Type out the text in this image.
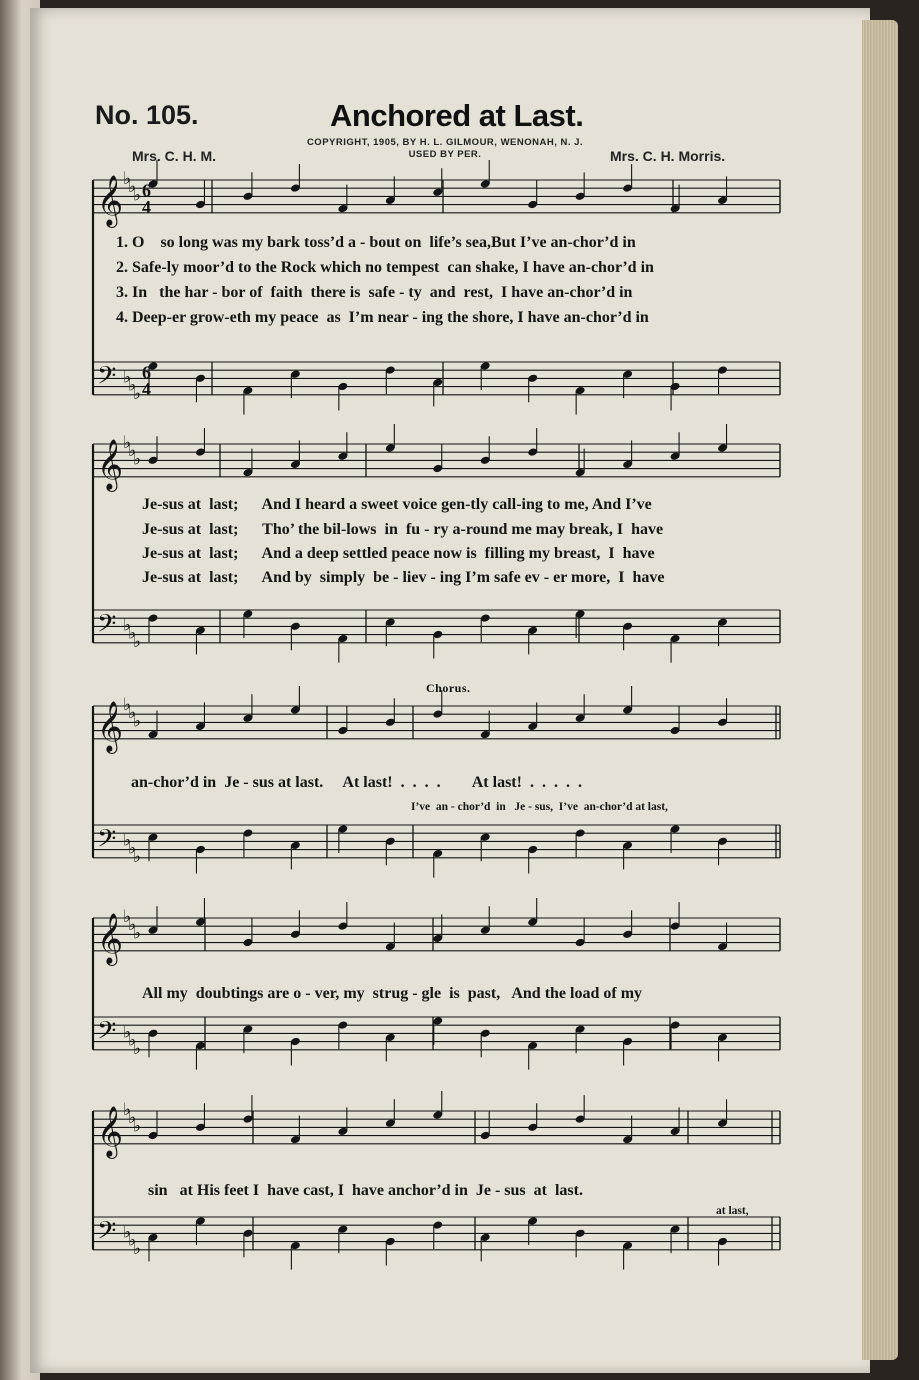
No. 105.	Anchored at Last.
COPYRIGHT, 1905, BY H. L. GILMOUR, WENONAH, N. J.
USED BY PER.
Mrs. C. H. M.	Mrs. C. H. Morris.
𝄞 ♭
♭
♭
𝄢 ♭
♭
♭
𝄞 ♭
♭
♭
𝄢 ♭
♭
♭
𝄞 ♭
♭
♭
𝄢 ♭
♭
♭
𝄞 ♭
♭
♭
𝄢 ♭
♭
♭
𝄞 ♭
♭
♭
𝄢 ♭
♭
♭
6
4
6
4
1. O    so long was my bark toss’d a - bout on  life’s sea,But I’ve an-chor’d in
2. Safe-ly moor’d to the Rock which no tempest  can shake, I have an-chor’d in
3. In   the har - bor of  faith  there is  safe - ty  and  rest,  I have an-chor’d in
4. Deep-er grow-eth my peace  as  I’m near - ing the shore, I have an-chor’d in
Je-sus at  last;      And I heard a sweet voice gen-tly call-ing to me, And I’ve
Je-sus at  last;      Tho’ the bil-lows  in  fu - ry a-round me may break, I  have
Je-sus at  last;      And a deep settled peace now is  filling my breast,  I  have
Je-sus at  last;      And by  simply  be - liev - ing I’m safe ev - er more,  I  have
Chorus.
an-chor’d in  Je - sus at last.     At last!  .  .  .  .        At last!  .  .  .  .  .
I’ve  an - chor’d  in   Je - sus,  I’ve  an-chor’d at last,
All my  doubtings are o - ver, my  strug - gle  is  past,   And the load of my
sin   at His feet I  have cast, I  have anchor’d in  Je - sus  at  last.
at last,
